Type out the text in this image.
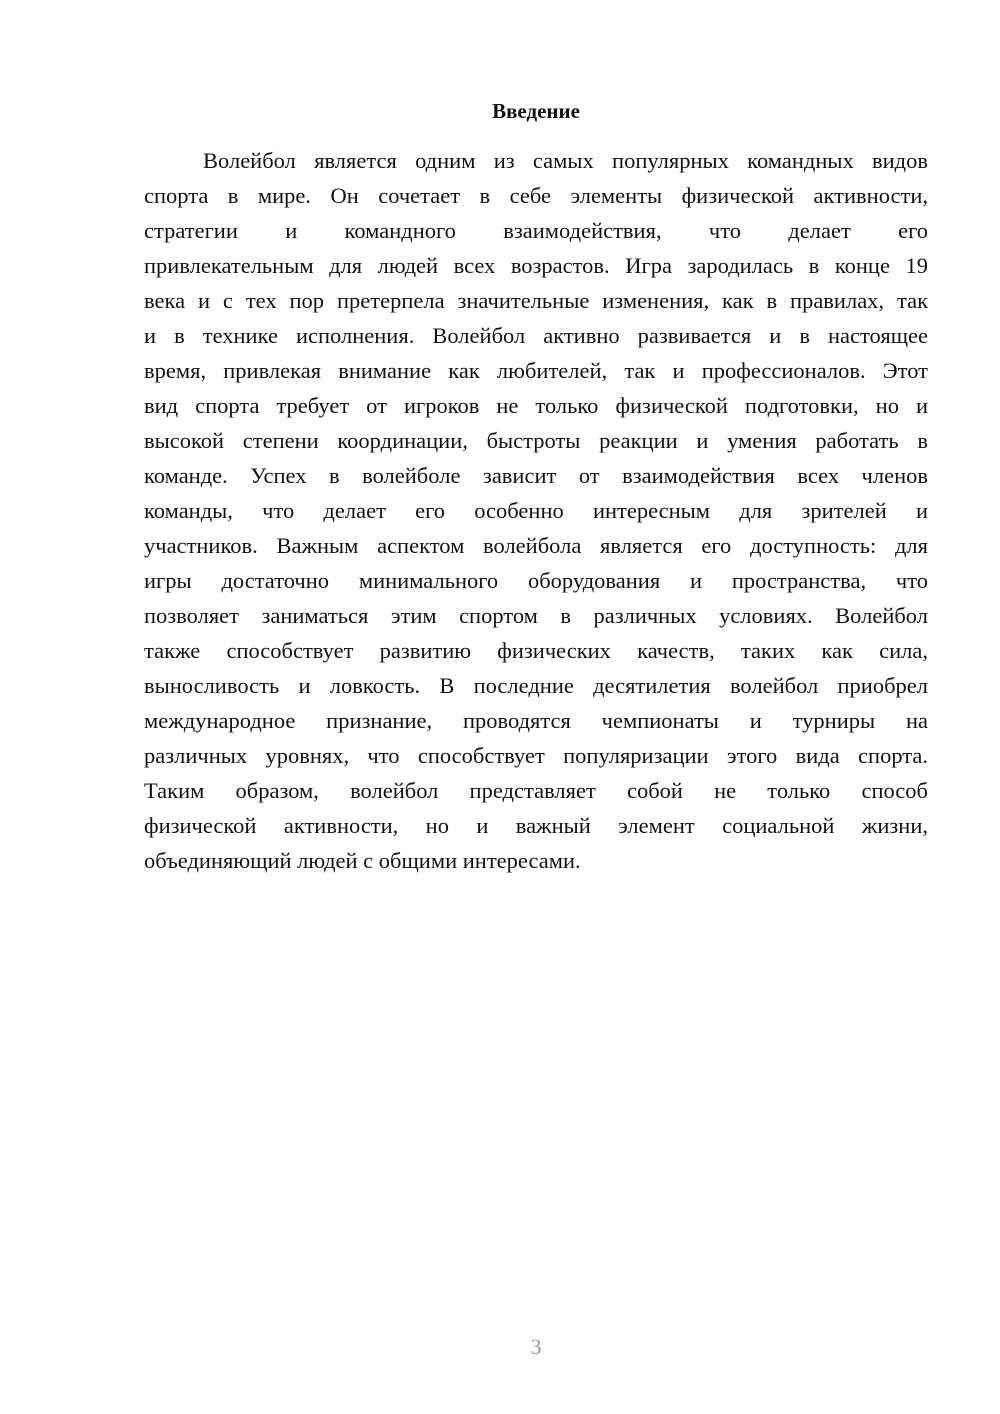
Введение
Волейбол является одним из самых популярных командных видов
спорта в мире. Он сочетает в себе элементы физической активности,
стратегии и командного взаимодействия, что делает его
привлекательным для людей всех возрастов. Игра зародилась в конце 19
века и с тех пор претерпела значительные изменения, как в правилах, так
и в технике исполнения. Волейбол активно развивается и в настоящее
время, привлекая внимание как любителей, так и профессионалов. Этот
вид спорта требует от игроков не только физической подготовки, но и
высокой степени координации, быстроты реакции и умения работать в
команде. Успех в волейболе зависит от взаимодействия всех членов
команды, что делает его особенно интересным для зрителей и
участников. Важным аспектом волейбола является его доступность: для
игры достаточно минимального оборудования и пространства, что
позволяет заниматься этим спортом в различных условиях. Волейбол
также способствует развитию физических качеств, таких как сила,
выносливость и ловкость. В последние десятилетия волейбол приобрел
международное признание, проводятся чемпионаты и турниры на
различных уровнях, что способствует популяризации этого вида спорта.
Таким образом, волейбол представляет собой не только способ
физической активности, но и важный элемент социальной жизни,
объединяющий людей с общими интересами.
3
